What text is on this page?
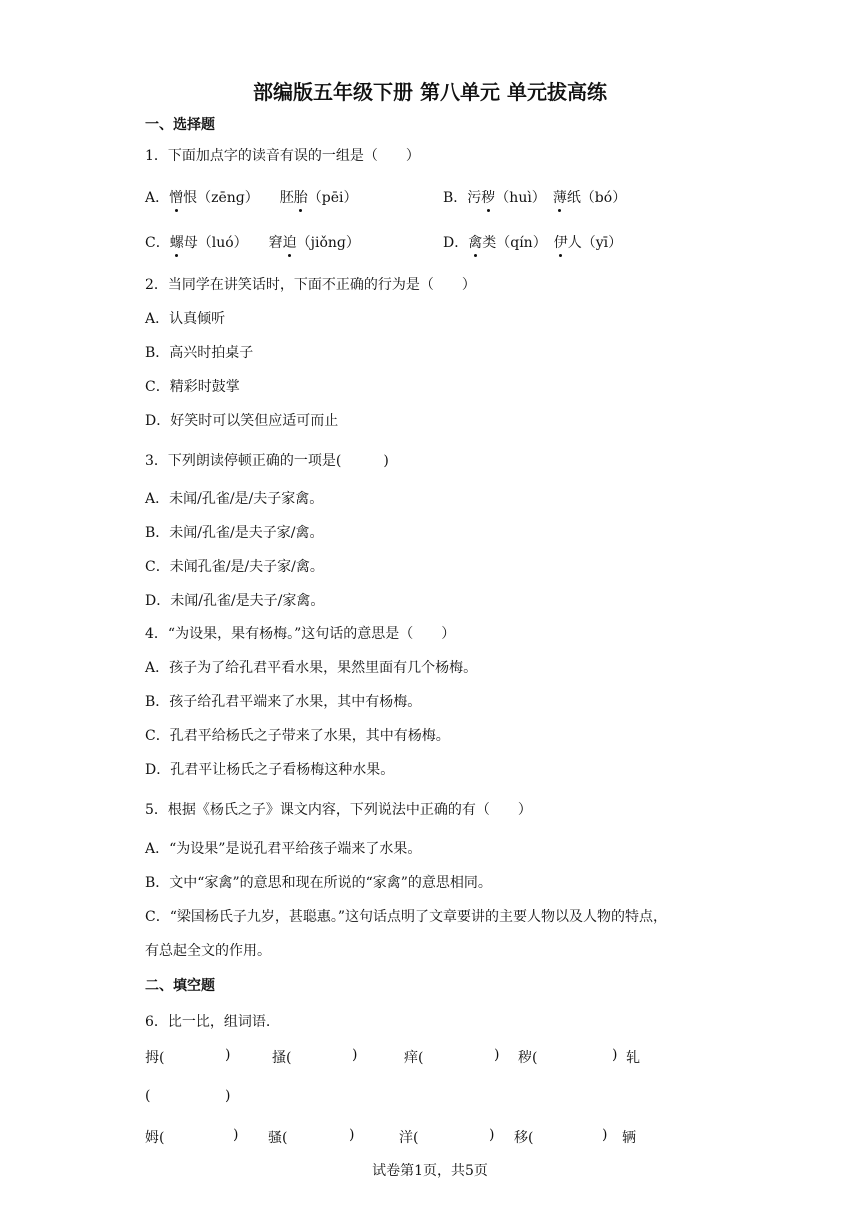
部编版五年级下册 第八单元 单元拔高练
一、选择题
1．下面加点字的读音有误的一组是（　　）
A．憎恨（zēnɡ）　　 胚胎（pēi）	B．污秽（huì）　 薄纸（bó）
C．螺母（luó）　　 窘迫（jiǒnɡ）	D．禽类（qín）　 伊人（yī）
2．当同学在讲笑话时，下面不正确的行为是（　　）
A．认真倾听
B．高兴时拍桌子
C．精彩时鼓掌
D．好笑时可以笑但应适可而止
3．下列朗读停顿正确的一项是(　　　)
A．未闻/孔雀/是/夫子家禽。
B．未闻/孔雀/是夫子家/禽。
C．未闻孔雀/是/夫子家/禽。
D．未闻/孔雀/是夫子/家禽。
4．“为设果，果有杨梅。”这句话的意思是（　　）
A．孩子为了给孔君平看水果，果然里面有几个杨梅。
B．孩子给孔君平端来了水果，其中有杨梅。
C．孔君平给杨氏之子带来了水果，其中有杨梅。
D．孔君平让杨氏之子看杨梅这种水果。
5．根据《杨氏之子》课文内容，下列说法中正确的有（　　）
A．“为设果”是说孔君平给孩子端来了水果。
B．文中“家禽”的意思和现在所说的“家禽”的意思相同。
C．“梁国杨氏子九岁，甚聪惠。”这句话点明了文章要讲的主要人物以及人物的特点，
有总起全文的作用。
二、填空题
6．比一比，组词语.
拇(	)	搔(	)	痒(	) 秽(	) 轧
(	)
姆(	) 骚(	)	洋(	) 移(	) 辆
试卷第1页，共5页
